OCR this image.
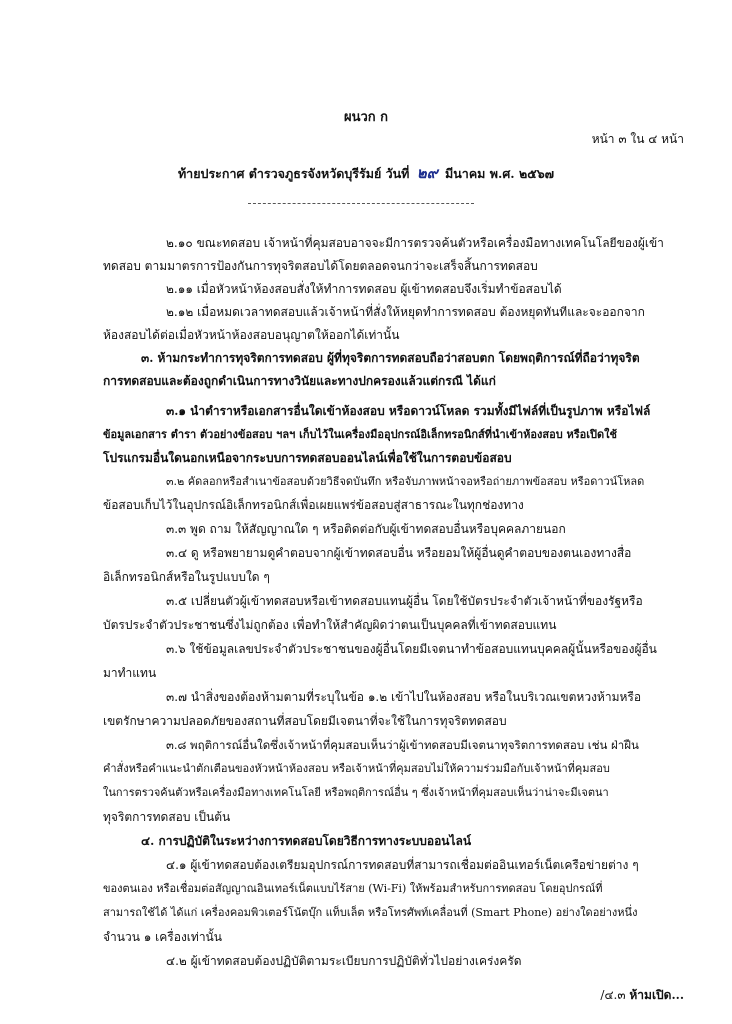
ผนวก ก
หน้า ๓ ใน ๔ หน้า
ท้ายประกาศ ตำรวจภูธรจังหวัดบุรีรัมย์ วันที่ ๒๙ มีนาคม พ.ศ. ๒๕๖๗
๒.๑๐ ขณะทดสอบ เจ้าหน้าที่คุมสอบอาจจะมีการตรวจค้นตัวหรือเครื่องมือทางเทคโนโลยีของผู้เข้า
ทดสอบ ตามมาตรการป้องกันการทุจริตสอบได้โดยตลอดจนกว่าจะเสร็จสิ้นการทดสอบ
๒.๑๑ เมื่อหัวหน้าห้องสอบสั่งให้ทำการทดสอบ ผู้เข้าทดสอบจึงเริ่มทำข้อสอบได้
๒.๑๒ เมื่อหมดเวลาทดสอบแล้วเจ้าหน้าที่สั่งให้หยุดทำการทดสอบ ต้องหยุดทันทีและจะออกจาก
ห้องสอบได้ต่อเมื่อหัวหน้าห้องสอบอนุญาตให้ออกได้เท่านั้น
๓. ห้ามกระทำการทุจริตการทดสอบ ผู้ที่ทุจริตการทดสอบถือว่าสอบตก โดยพฤติการณ์ที่ถือว่าทุจริต
การทดสอบและต้องถูกดำเนินการทางวินัยและทางปกครองแล้วแต่กรณี ได้แก่
๓.๑ นำตำราหรือเอกสารอื่นใดเข้าห้องสอบ หรือดาวน์โหลด รวมทั้งมีไฟล์ที่เป็นรูปภาพ หรือไฟล์
ข้อมูลเอกสาร ตำรา ตัวอย่างข้อสอบ ฯลฯ เก็บไว้ในเครื่องมืออุปกรณ์อิเล็กทรอนิกส์ที่นำเข้าห้องสอบ หรือเปิดใช้
โปรแกรมอื่นใดนอกเหนือจากระบบการทดสอบออนไลน์เพื่อใช้ในการตอบข้อสอบ
๓.๒ คัดลอกหรือสำเนาข้อสอบด้วยวิธีจดบันทึก หรือจับภาพหน้าจอหรือถ่ายภาพข้อสอบ หรือดาวน์โหลด
ข้อสอบเก็บไว้ในอุปกรณ์อิเล็กทรอนิกส์เพื่อเผยแพร่ข้อสอบสู่สาธารณะในทุกช่องทาง
๓.๓ พูด ถาม ให้สัญญาณใด ๆ หรือติดต่อกับผู้เข้าทดสอบอื่นหรือบุคคลภายนอก
๓.๔ ดู หรือพยายามดูคำตอบจากผู้เข้าทดสอบอื่น หรือยอมให้ผู้อื่นดูคำตอบของตนเองทางสื่อ
อิเล็กทรอนิกส์หรือในรูปแบบใด ๆ
๓.๕ เปลี่ยนตัวผู้เข้าทดสอบหรือเข้าทดสอบแทนผู้อื่น โดยใช้บัตรประจำตัวเจ้าหน้าที่ของรัฐหรือ
บัตรประจำตัวประชาชนซึ่งไม่ถูกต้อง เพื่อทำให้สำคัญผิดว่าตนเป็นบุคคลที่เข้าทดสอบแทน
๓.๖ ใช้ข้อมูลเลขประจำตัวประชาชนของผู้อื่นโดยมีเจตนาทำข้อสอบแทนบุคคลผู้นั้นหรือของผู้อื่น
มาทำแทน
๓.๗ นำสิ่งของต้องห้ามตามที่ระบุในข้อ ๑.๒ เข้าไปในห้องสอบ หรือในบริเวณเขตหวงห้ามหรือ
เขตรักษาความปลอดภัยของสถานที่สอบโดยมีเจตนาที่จะใช้ในการทุจริตทดสอบ
๓.๘ พฤติการณ์อื่นใดซึ่งเจ้าหน้าที่คุมสอบเห็นว่าผู้เข้าทดสอบมีเจตนาทุจริตการทดสอบ เช่น ฝ่าฝืน
คำสั่งหรือคำแนะนำตักเตือนของหัวหน้าห้องสอบ หรือเจ้าหน้าที่คุมสอบไม่ให้ความร่วมมือกับเจ้าหน้าที่คุมสอบ
ในการตรวจค้นตัวหรือเครื่องมือทางเทคโนโลยี หรือพฤติการณ์อื่น ๆ ซึ่งเจ้าหน้าที่คุมสอบเห็นว่าน่าจะมีเจตนา
ทุจริตการทดสอบ เป็นต้น
๔. การปฏิบัติในระหว่างการทดสอบโดยวิธีการทางระบบออนไลน์
๔.๑ ผู้เข้าทดสอบต้องเตรียมอุปกรณ์การทดสอบที่สามารถเชื่อมต่ออินเทอร์เน็ตเครือข่ายต่าง ๆ
ของตนเอง หรือเชื่อมต่อสัญญาณอินเทอร์เน็ตแบบไร้สาย (Wi-Fi) ให้พร้อมสำหรับการทดสอบ โดยอุปกรณ์ที่
สามารถใช้ได้ ได้แก่ เครื่องคอมพิวเตอร์โน้ตบุ๊ก แท็บเล็ต หรือโทรศัพท์เคลื่อนที่ (Smart Phone) อย่างใดอย่างหนึ่ง
จำนวน ๑ เครื่องเท่านั้น
๔.๒ ผู้เข้าทดสอบต้องปฏิบัติตามระเบียบการปฏิบัติทั่วไปอย่างเคร่งครัด
/๔.๓ ห้ามเปิด...
